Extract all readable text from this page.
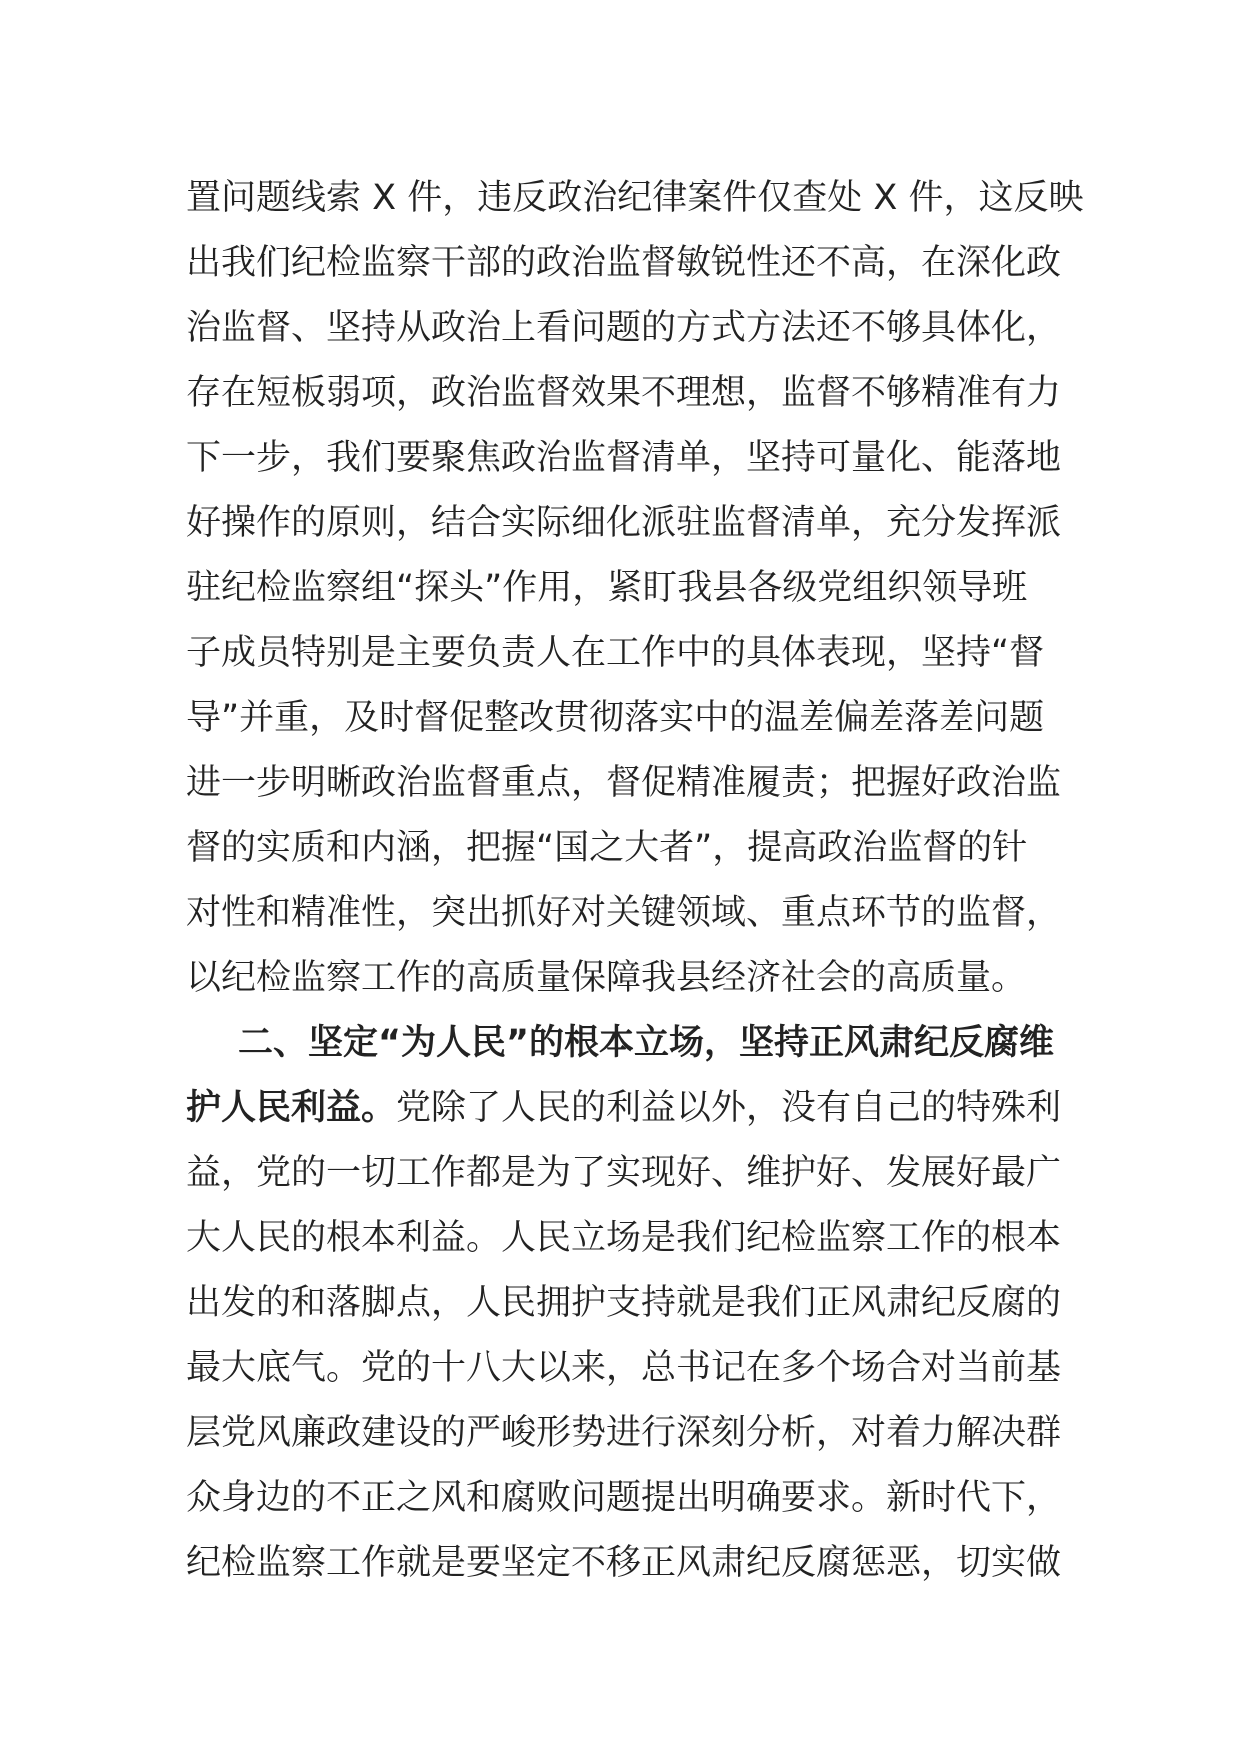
置问题线索 X 件，违反政治纪律案件仅查处 X 件，这反映
出我们纪检监察干部的政治监督敏锐性还不高，在深化政
治监督、坚持从政治上看问题的方式方法还不够具体化，
存在短板弱项，政治监督效果不理想，监督不够精准有力
下一步，我们要聚焦政治监督清单，坚持可量化、能落地
好操作的原则，结合实际细化派驻监督清单，充分发挥派
驻纪检监察组“探头”作用，紧盯我县各级党组织领导班
子成员特别是主要负责人在工作中的具体表现，坚持“督
导”并重，及时督促整改贯彻落实中的温差偏差落差问题
进一步明晰政治监督重点，督促精准履责；把握好政治监
督的实质和内涵，把握“国之大者”，提高政治监督的针
对性和精准性，突出抓好对关键领域、重点环节的监督，
以纪检监察工作的高质量保障我县经济社会的高质量。
二、坚定“为人民”的根本立场，坚持正风肃纪反腐维
护人民利益。党除了人民的利益以外，没有自己的特殊利
益，党的一切工作都是为了实现好、维护好、发展好最广
大人民的根本利益。人民立场是我们纪检监察工作的根本
出发的和落脚点，人民拥护支持就是我们正风肃纪反腐的
最大底气。党的十八大以来，总书记在多个场合对当前基
层党风廉政建设的严峻形势进行深刻分析，对着力解决群
众身边的不正之风和腐败问题提出明确要求。新时代下，
纪检监察工作就是要坚定不移正风肃纪反腐惩恶，切实做
